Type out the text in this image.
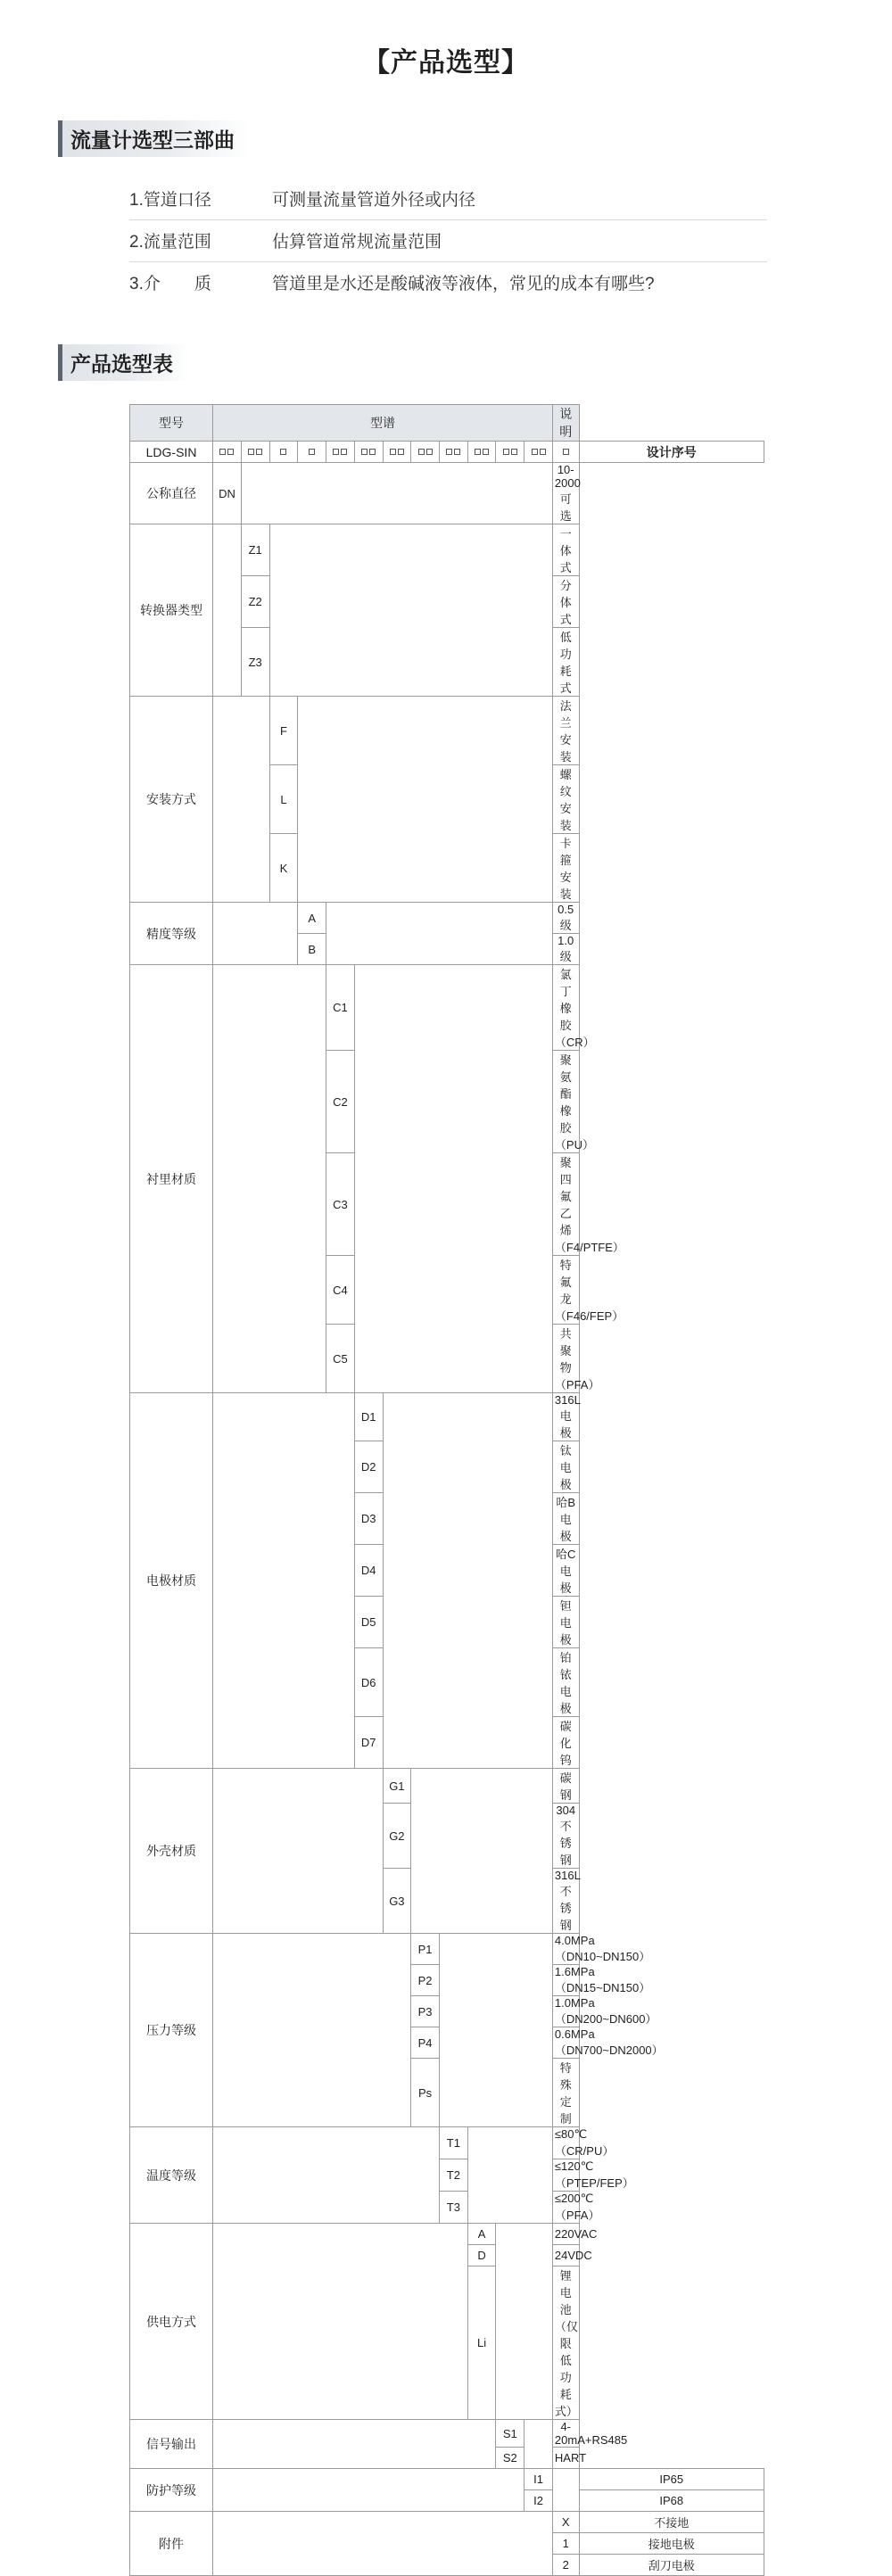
【产品选型】
流量计选型三部曲
1.管道口径	可测量流量管道外径或内径
2.流量范围	估算管道常规流量范围
3.介　　质	管道里是水还是酸碱液等液体，常见的成本有哪些?
产品选型表
型号	型谱												说明	
LDG-SIN														设计序号
公称直径	DN												10-2000可选	
转换器类型		Z1											一体式	
		Z2											分体式	
		Z3											低功耗式	
安装方式			F										法兰安装	
			L										螺纹安装	
			K										卡箍安装	
精度等级				A									0.5级	
				B									1.0级	
衬里材质					C1								氯丁橡胶（CR）	
					C2								聚氨酯橡胶（PU）	
					C3								聚四氟乙烯（F4/PTFE）	
					C4								特氟龙（F46/FEP）	
					C5								共聚物（PFA）	
电极材质						D1							316L电极	
						D2							钛电极	
						D3							哈B电极	
						D4							哈C电极	
						D5							钽电极	
						D6							铂铱电极	
						D7							碳化钨	
外壳材质							G1						碳钢	
							G2						304不锈钢	
							G3						316L不锈钢	
压力等级								P1					4.0MPa（DN10~DN150）	
								P2					1.6MPa（DN15~DN150）	
								P3					1.0MPa（DN200~DN600）	
								P4					0.6MPa（DN700~DN2000）	
								Ps					特殊定制	
温度等级									T1				≤80℃（CR/PU）	
									T2				≤120℃（PTEP/FEP）	
									T3				≤200℃（PFA）	
供电方式										A			220VAC	
										D			24VDC	
										Li			锂电池（仅限低功耗式）	
信号输出											S1		4-20mA+RS485	
											S2		HART	
防护等级												I1		IP65
												I2		IP68
附件													X	不接地
													1	接地电极
													2	刮刀电极
